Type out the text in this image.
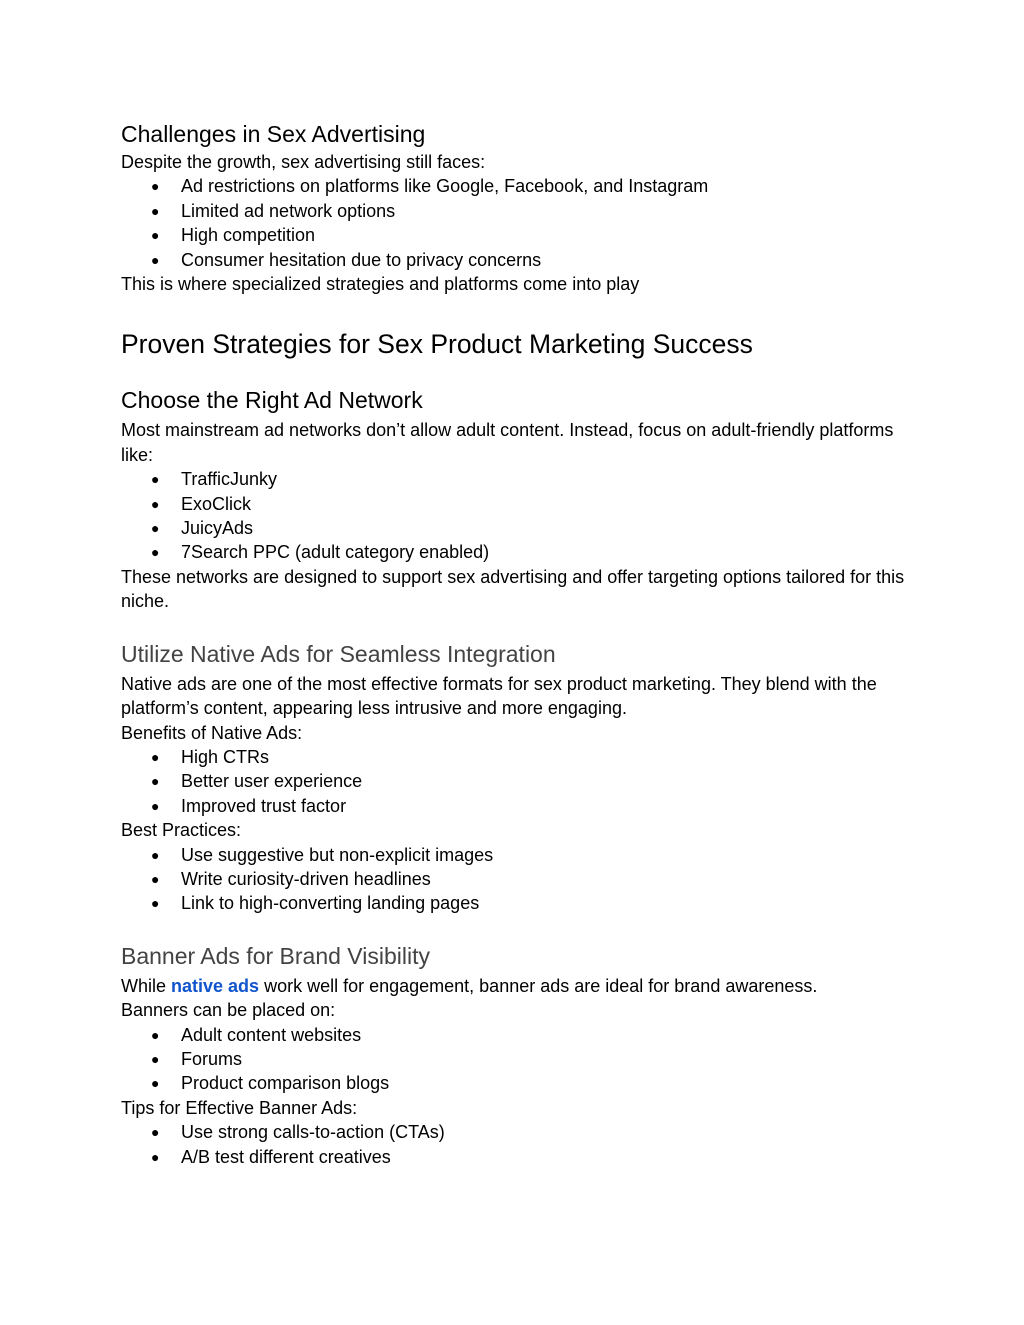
Challenges in Sex Advertising

Despite the growth, sex advertising still faces:

● Ad restrictions on platforms like Google, Facebook, and Instagram
● Limited ad network options
● High competition
● Consumer hesitation due to privacy concerns

This is where specialized strategies and platforms come into play

Proven Strategies for Sex Product Marketing Success
Choose the Right Ad Network

Most mainstream ad networks don’t allow adult content. Instead, focus on adult-friendly platforms like:

● TrafficJunky
● ExoClick
● JuicyAds
● 7Search PPC (adult category enabled)

These networks are designed to support sex advertising and offer targeting options tailored for this niche.

Utilize Native Ads for Seamless Integration

Native ads are one of the most effective formats for sex product marketing. They blend with the platform’s content, appearing less intrusive and more engaging.

Benefits of Native Ads:

● High CTRs
● Better user experience
● Improved trust factor

Best Practices:

● Use suggestive but non-explicit images
● Write curiosity-driven headlines
● Link to high-converting landing pages
Banner Ads for Brand Visibility

While native ads work well for engagement, banner ads are ideal for brand awareness.

Banners can be placed on:

● Adult content websites
● Forums
● Product comparison blogs

Tips for Effective Banner Ads:

● Use strong calls-to-action (CTAs)
● A/B test different creatives
